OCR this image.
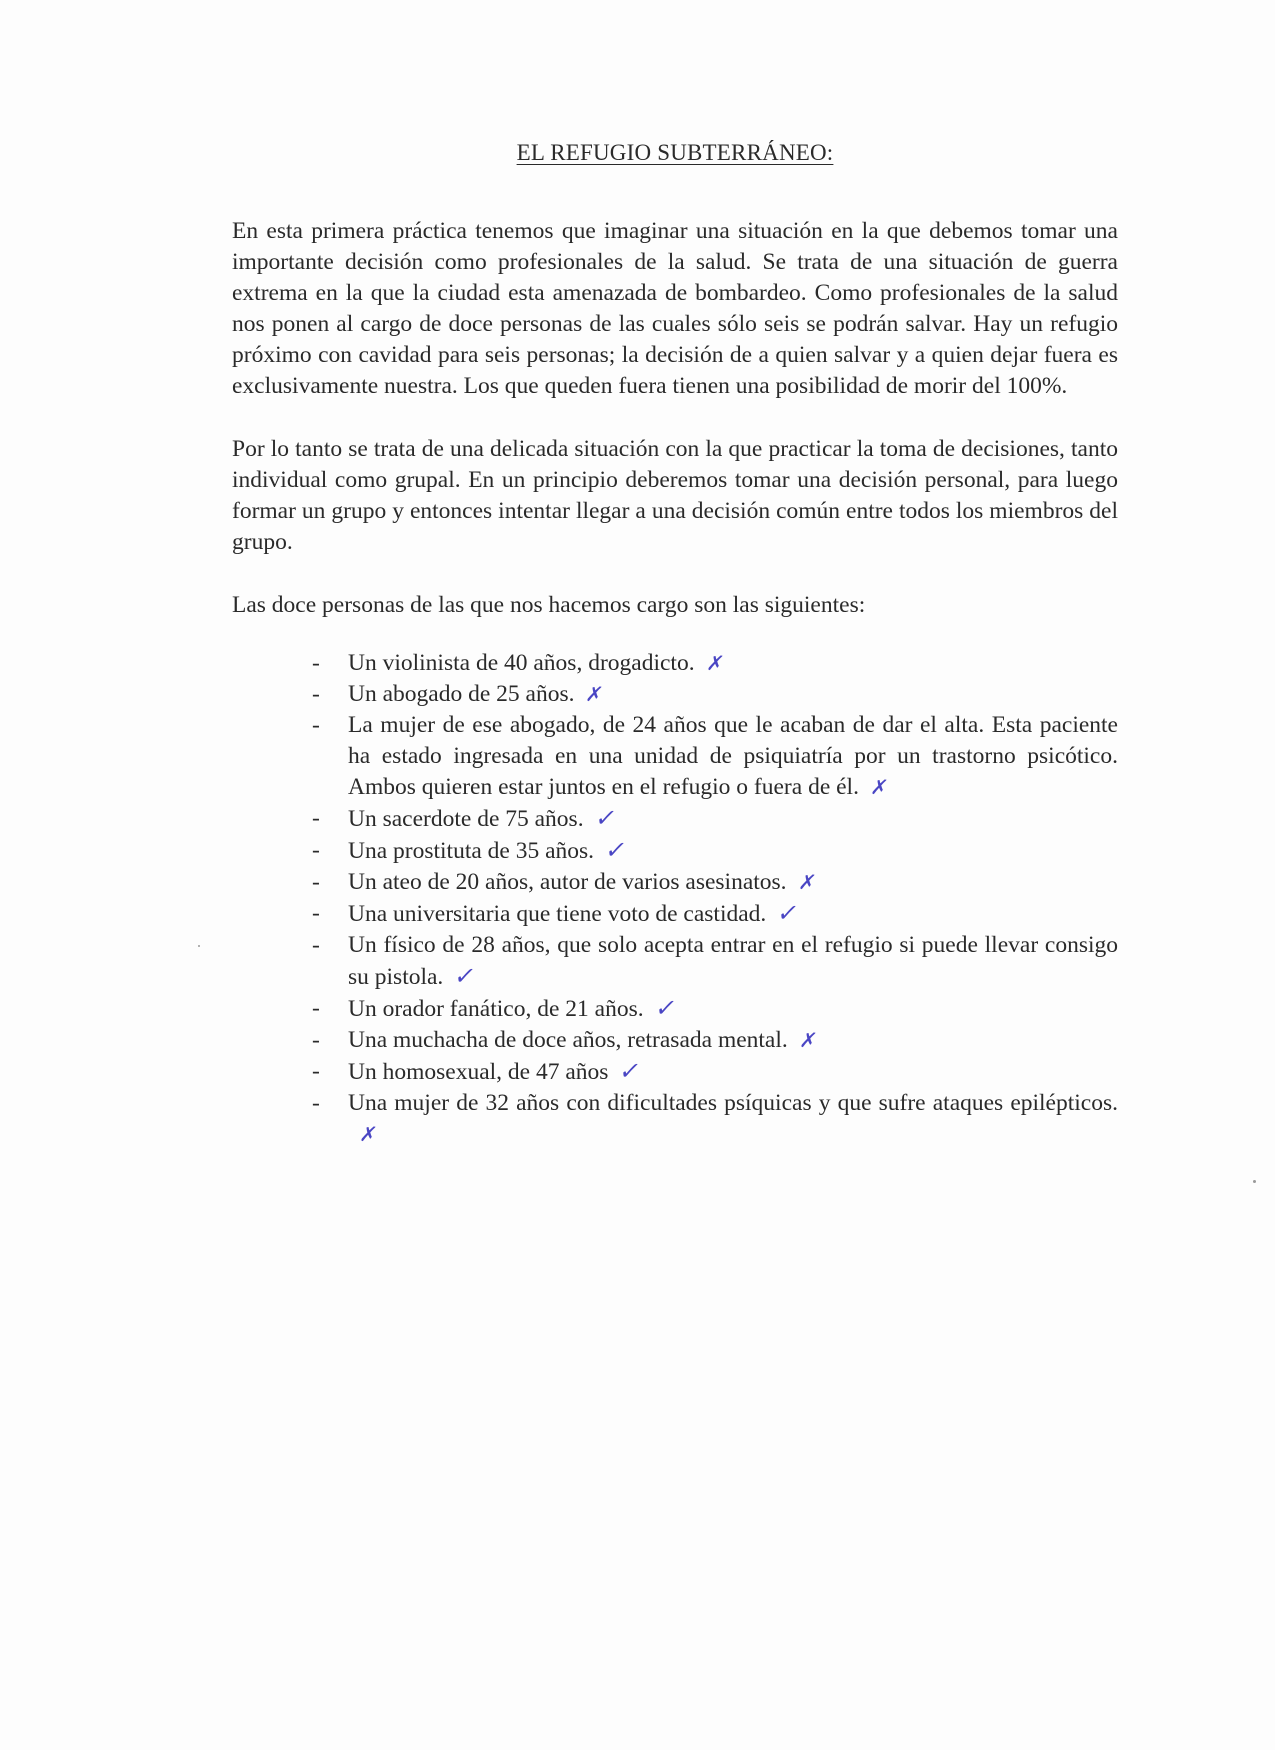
EL REFUGIO SUBTERRÁNEO:

En esta primera práctica tenemos que imaginar una situación en la que debemos tomar una importante decisión como profesionales de la salud. Se trata de una situación de guerra extrema en la que la ciudad esta amenazada de bombardeo. Como profesionales de la salud nos ponen al cargo de doce personas de las cuales sólo seis se podrán salvar. Hay un refugio próximo con cavidad para seis personas; la decisión de a quien salvar y a quien dejar fuera es exclusivamente nuestra. Los que queden fuera tienen una posibilidad de morir del 100%.

Por lo tanto se trata de una delicada situación con la que practicar la toma de decisiones, tanto individual como grupal. En un principio deberemos tomar una decisión personal, para luego formar un grupo y entonces intentar llegar a una decisión común entre todos los miembros del grupo.

Las doce personas de las que nos hacemos cargo son las siguientes:

- Un violinista de 40 años, drogadicto. ✗
- Un abogado de 25 años. ✗
- La mujer de ese abogado, de 24 años que le acaban de dar el alta. Esta paciente ha estado ingresada en una unidad de psiquiatría por un trastorno psicótico. Ambos quieren estar juntos en el refugio o fuera de él. ✗
- Un sacerdote de 75 años. ✓
- Una prostituta de 35 años. ✓
- Un ateo de 20 años, autor de varios asesinatos. ✗
- Una universitaria que tiene voto de castidad. ✓
- Un físico de 28 años, que solo acepta entrar en el refugio si puede llevar consigo su pistola. ✓
- Un orador fanático, de 21 años. ✓
- Una muchacha de doce años, retrasada mental. ✗
- Un homosexual, de 47 años ✓
- Una mujer de 32 años con dificultades psíquicas y que sufre ataques epilépticos.✗
